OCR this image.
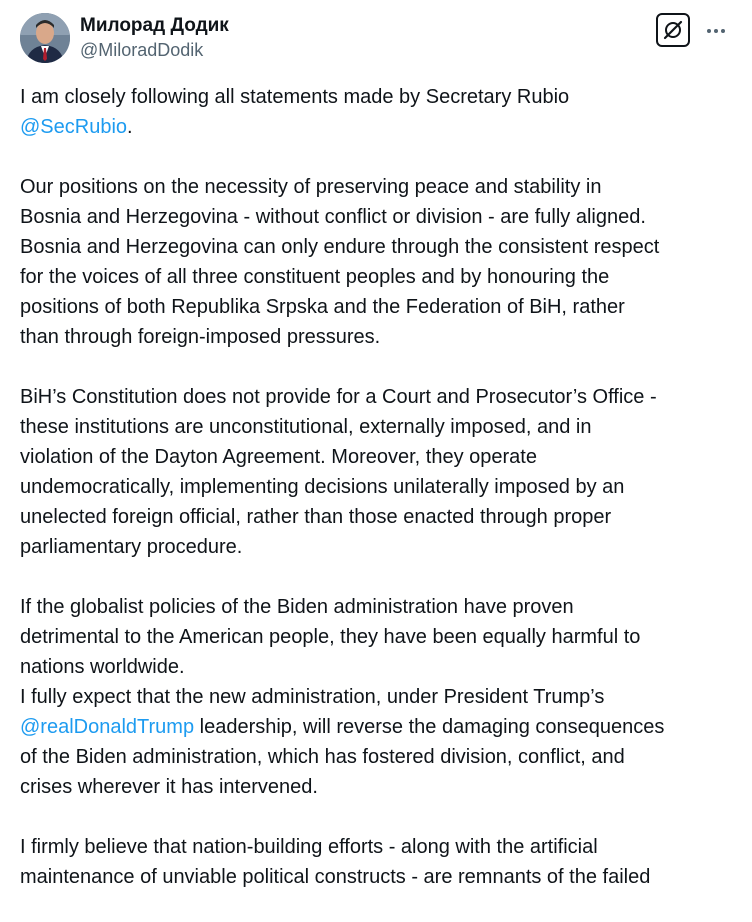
Милорад Додик
@MiloradDodik
I am closely following all statements made by Secretary Rubio
@SecRubio.
Our positions on the necessity of preserving peace and stability in
Bosnia and Herzegovina - without conflict or division - are fully aligned.
Bosnia and Herzegovina can only endure through the consistent respect
for the voices of all three constituent peoples and by honouring the
positions of both Republika Srpska and the Federation of BiH, rather
than through foreign-imposed pressures.
BiH’s Constitution does not provide for a Court and Prosecutor’s Office -
these institutions are unconstitutional, externally imposed, and in
violation of the Dayton Agreement. Moreover, they operate
undemocratically, implementing decisions unilaterally imposed by an
unelected foreign official, rather than those enacted through proper
parliamentary procedure.
If the globalist policies of the Biden administration have proven
detrimental to the American people, they have been equally harmful to
nations worldwide.
I fully expect that the new administration, under President Trump’s
@realDonaldTrump leadership, will reverse the damaging consequences
of the Biden administration, which has fostered division, conflict, and
crises wherever it has intervened.
I firmly believe that nation-building efforts - along with the artificial
maintenance of unviable political constructs - are remnants of the failed
